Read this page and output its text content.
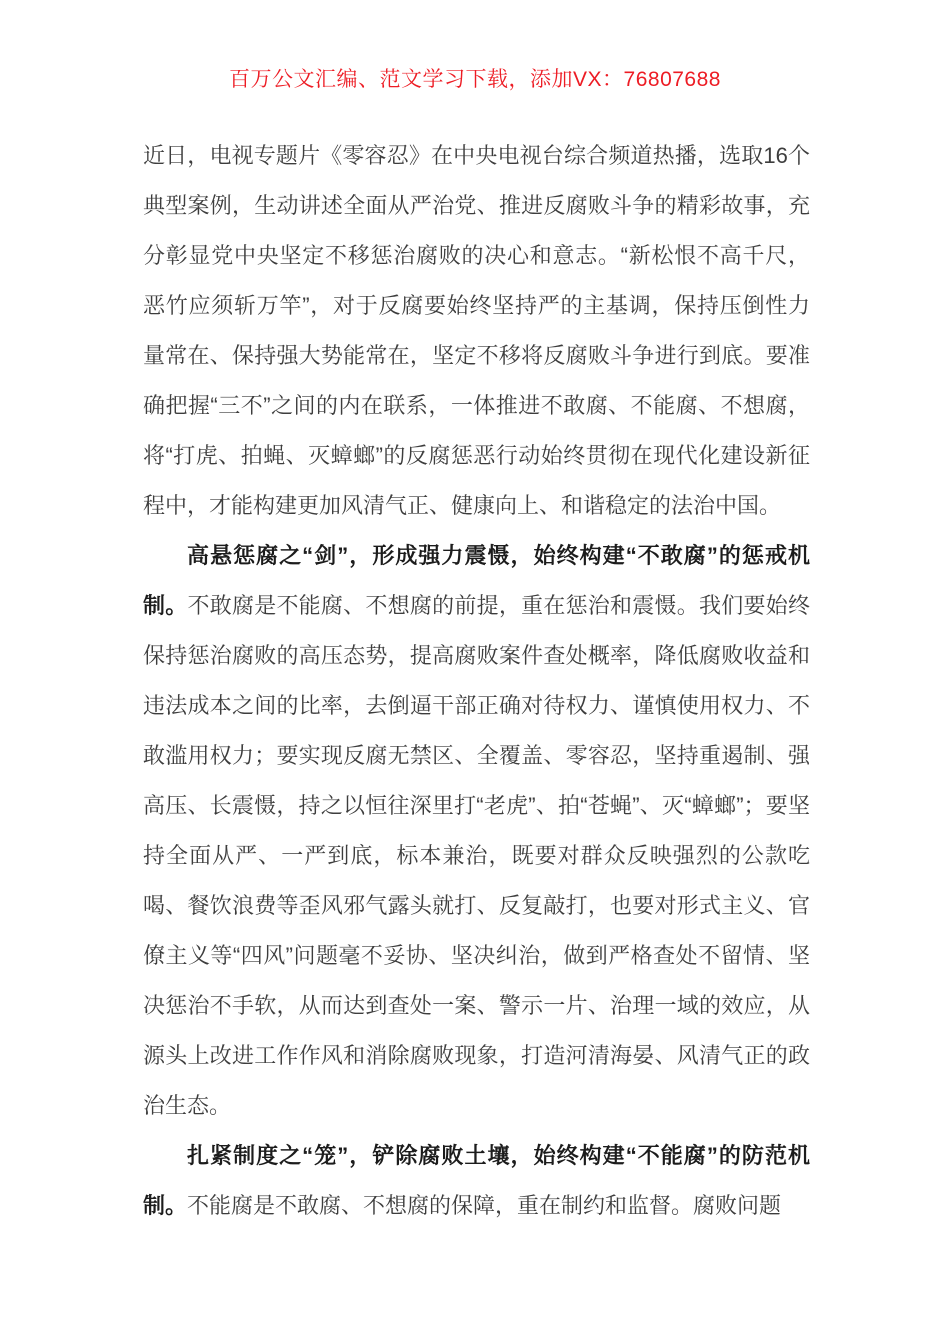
百万公文汇编、范文学习下载，添加VX：76807688

近日，电视专题片《零容忍》在中央电视台综合频道热播，选取16个典型案例，生动讲述全面从严治党、推进反腐败斗争的精彩故事，充分彰显党中央坚定不移惩治腐败的决心和意志。“新松恨不高千尺，恶竹应须斩万竿”，对于反腐要始终坚持严的主基调，保持压倒性力量常在、保持强大势能常在，坚定不移将反腐败斗争进行到底。要准确把握“三不”之间的内在联系，一体推进不敢腐、不能腐、不想腐，将“打虎、拍蝇、灭蟑螂”的反腐惩恶行动始终贯彻在现代化建设新征程中，才能构建更加风清气正、健康向上、和谐稳定的法治中国。

高悬惩腐之“剑”，形成强力震慑，始终构建“不敢腐”的惩戒机制。不敢腐是不能腐、不想腐的前提，重在惩治和震慑。我们要始终保持惩治腐败的高压态势，提高腐败案件查处概率，降低腐败收益和违法成本之间的比率，去倒逼干部正确对待权力、谨慎使用权力、不敢滥用权力；要实现反腐无禁区、全覆盖、零容忍，坚持重遏制、强高压、长震慑，持之以恒往深里打“老虎”、拍“苍蝇”、灭“蟑螂”；要坚持全面从严、一严到底，标本兼治，既要对群众反映强烈的公款吃喝、餐饮浪费等歪风邪气露头就打、反复敲打，也要对形式主义、官僚主义等“四风”问题毫不妥协、坚决纠治，做到严格查处不留情、坚决惩治不手软，从而达到查处一案、警示一片、治理一域的效应，从源头上改进工作作风和消除腐败现象，打造河清海晏、风清气正的政治生态。

扎紧制度之“笼”，铲除腐败土壤，始终构建“不能腐”的防范机制。不能腐是不敢腐、不想腐的保障，重在制约和监督。腐败问题
